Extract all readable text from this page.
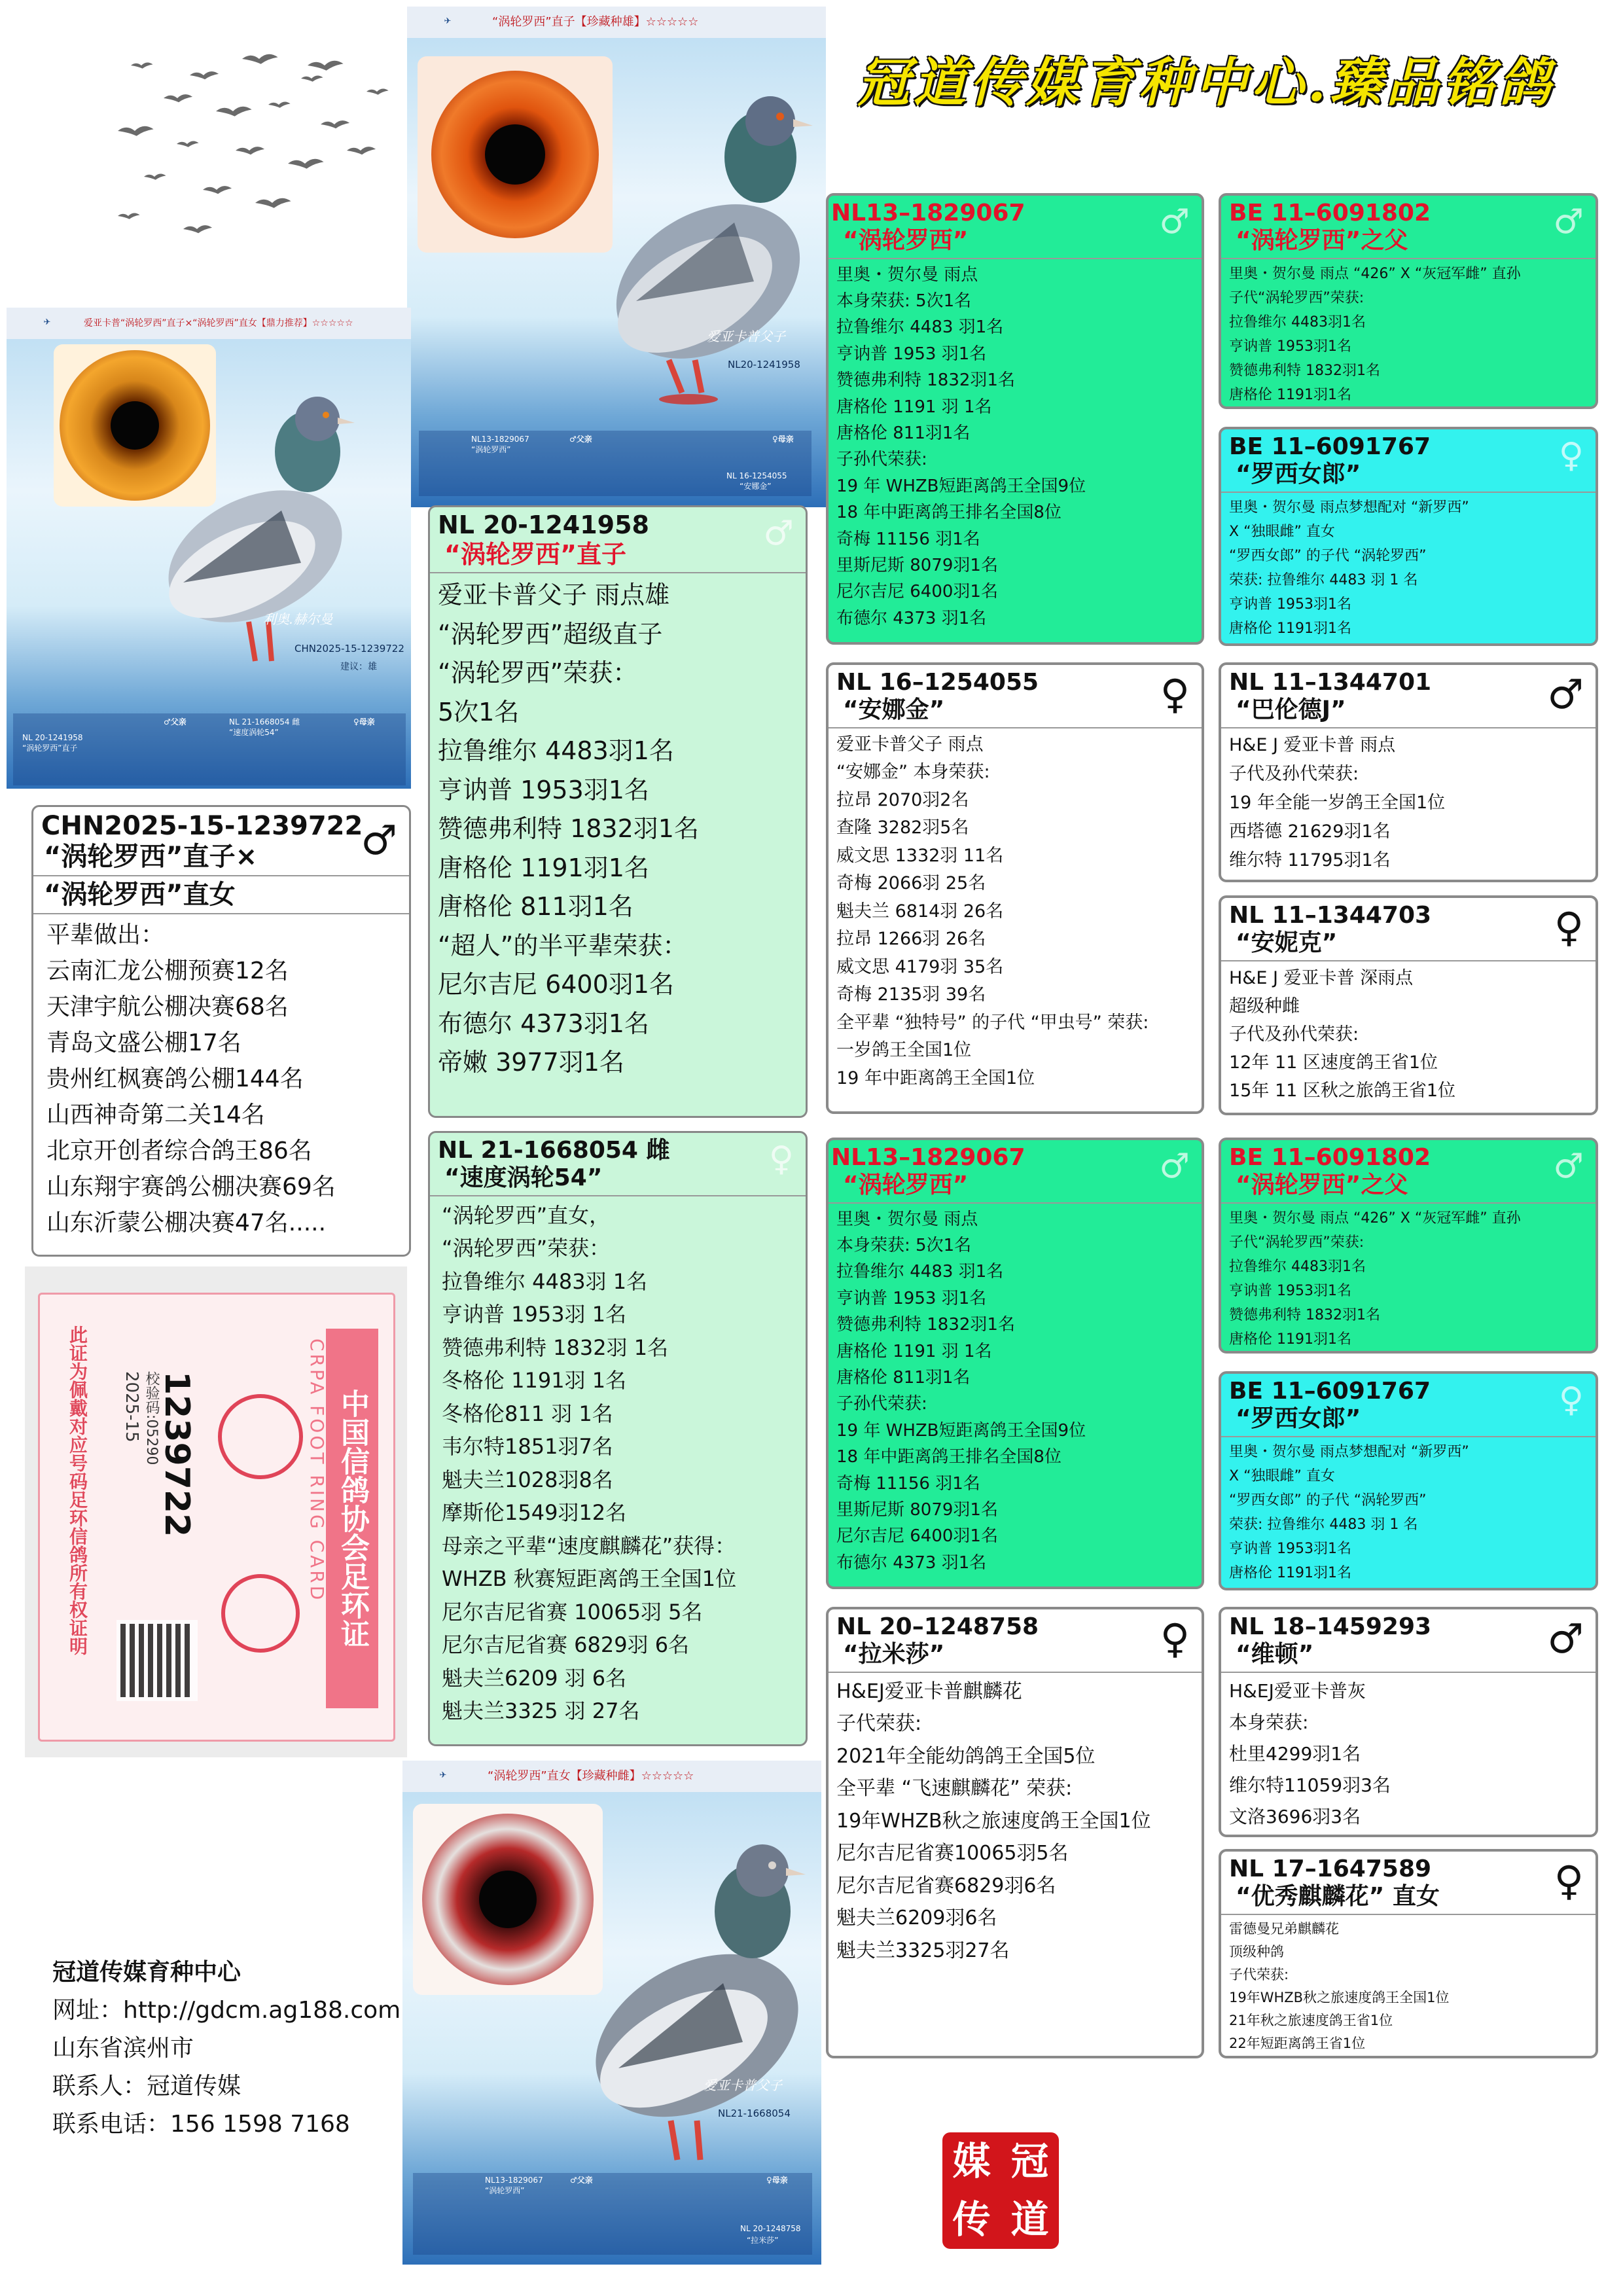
冠道传媒育种中心.臻品铭鸽
✈	“涡轮罗西”直子【珍藏种雄】☆☆☆☆☆
爱亚卡普父子
NL20-1241958
NL13-1829067
“涡轮罗西”
♂父亲
NL 16-1254055
“安娜金”
♀母亲
✈	爱亚卡普“涡轮罗西”直子×“涡轮罗西”直女【鼎力推荐】☆☆☆☆☆
利奥.赫尔曼
CHN2025-15-1239722
建议：雄
NL 20-1241958
“涡轮罗西”直子
♂父亲	NL 21-1668054 雌
“速度涡轮54”
♀母亲
CHN2025-15-1239722
♂
“涡轮罗西”直子×
“涡轮罗西”直女
平辈做出：
云南汇龙公棚预赛12名
天津宇航公棚决赛68名
青岛文盛公棚17名
贵州红枫赛鸽公棚144名
山西神奇第二关14名
北京开创者综合鸽王86名
山东翔宇赛鸽公棚决赛69名
山东沂蒙公棚决赛47名.....
此证为佩戴对应号码足环信鸽所有权证明 2025-15 校验码:05290
1239722	中国信鸽协会足环证
CRPA FOOT RING CARD
NL 20-1241958	♂
“涡轮罗西”直子
爱亚卡普父子 雨点雄
“涡轮罗西”超级直子
“涡轮罗西”荣获：
5次1名
拉鲁维尔 4483羽1名
亨讷普 1953羽1名
赞德弗利特 1832羽1名
唐格伦 1191羽1名
唐格伦 811羽1名
“超人”的半平辈荣获：
尼尔吉尼 6400羽1名
布德尔 4373羽1名
帝嫩 3977羽1名
NL 21-1668054 雌	♀
“速度涡轮54”
“涡轮罗西”直女，
“涡轮罗西”荣获：
拉鲁维尔 4483羽 1名
亨讷普 1953羽 1名
赞德弗利特 1832羽 1名
冬格伦 1191羽 1名
冬格伦811 羽 1名
韦尔特1851羽7名
魁夫兰1028羽8名
摩斯伦1549羽12名
母亲之平辈“速度麒麟花”获得：
WHZB 秋赛短距离鸽王全国1位
尼尔吉尼省赛 10065羽 5名
尼尔吉尼省赛 6829羽 6名
魁夫兰6209 羽 6名
魁夫兰3325 羽 27名
✈	“涡轮罗西”直女【珍藏种雌】☆☆☆☆☆
爱亚卡普父子
NL21-1668054
NL13-1829067
“涡轮罗西”
♂父亲
NL 20-1248758
“拉米莎”
♀母亲
NL13–1829067	♂
“涡轮罗西”
里奥・贺尔曼 雨点
本身荣获: 5次1名
拉鲁维尔 4483 羽1名
亨讷普 1953 羽1名
赞德弗利特 1832羽1名
唐格伦 1191 羽 1名
唐格伦 811羽1名
子孙代荣获:
19 年 WHZB短距离鸽王全国9位
18 年中距离鸽王排名全国8位
奇梅 11156 羽1名
里斯尼斯 8079羽1名
尼尔吉尼 6400羽1名
布德尔 4373 羽1名
BE 11–6091802	♂
“涡轮罗西”之父
里奥・贺尔曼 雨点 “426” X “灰冠军雌” 直孙
子代“涡轮罗西”荣获:
拉鲁维尔 4483羽1名
亨讷普 1953羽1名
赞德弗利特 1832羽1名
唐格伦 1191羽1名
BE 11–6091767	♀
“罗西女郎”
里奥・贺尔曼 雨点梦想配对 “新罗西”
X “独眼雌” 直女
“罗西女郎” 的子代 “涡轮罗西”
荣获: 拉鲁维尔 4483 羽 1 名
亨讷普 1953羽1名
唐格伦 1191羽1名
NL 16–1254055	♀
“安娜金”
爱亚卡普父子 雨点
“安娜金” 本身荣获:
拉昂 2070羽2名
查隆 3282羽5名
威文思 1332羽 11名
奇梅 2066羽 25名
魁夫兰 6814羽 26名
拉昂 1266羽 26名
威文思 4179羽 35名
奇梅 2135羽 39名
全平辈 “独特号” 的子代 “甲虫号” 荣获:
一岁鸽王全国1位
19 年中距离鸽王全国1位
NL 11–1344701	♂
“巴伦德J”
H&E J 爱亚卡普 雨点
子代及孙代荣获:
19 年全能一岁鸽王全国1位
西塔德 21629羽1名
维尔特 11795羽1名
NL 11–1344703	♀
“安妮克”
H&E J 爱亚卡普 深雨点
超级种雌
子代及孙代荣获:
12年 11 区速度鸽王省1位
15年 11 区秋之旅鸽王省1位
NL13–1829067	♂
“涡轮罗西”
里奥・贺尔曼 雨点
本身荣获: 5次1名
拉鲁维尔 4483 羽1名
亨讷普 1953 羽1名
赞德弗利特 1832羽1名
唐格伦 1191 羽 1名
唐格伦 811羽1名
子孙代荣获:
19 年 WHZB短距离鸽王全国9位
18 年中距离鸽王排名全国8位
奇梅 11156 羽1名
里斯尼斯 8079羽1名
尼尔吉尼 6400羽1名
布德尔 4373 羽1名
BE 11–6091802	♂
“涡轮罗西”之父
里奥・贺尔曼 雨点 “426” X “灰冠军雌” 直孙
子代“涡轮罗西”荣获:
拉鲁维尔 4483羽1名
亨讷普 1953羽1名
赞德弗利特 1832羽1名
唐格伦 1191羽1名
BE 11–6091767	♀
“罗西女郎”
里奥・贺尔曼 雨点梦想配对 “新罗西”
X “独眼雌” 直女
“罗西女郎” 的子代 “涡轮罗西”
荣获: 拉鲁维尔 4483 羽 1 名
亨讷普 1953羽1名
唐格伦 1191羽1名
NL 20–1248758	♀
“拉米莎”
H&EJ爱亚卡普麒麟花
子代荣获:
2021年全能幼鸽鸽王全国5位
全平辈 “飞速麒麟花” 荣获:
19年WHZB秋之旅速度鸽王全国1位
尼尔吉尼省赛10065羽5名
尼尔吉尼省赛6829羽6名
魁夫兰6209羽6名
魁夫兰3325羽27名
NL 18–1459293	♂
“维顿”
H&EJ爱亚卡普灰
本身荣获:
杜里4299羽1名
维尔特11059羽3名
文洛3696羽3名
NL 17–1647589	♀
“优秀麒麟花” 直女
雷德曼兄弟麒麟花
顶级种鸽
子代荣获:
19年WHZB秋之旅速度鸽王全国1位
21年秋之旅速度鸽王省1位
22年短距离鸽王省1位
冠道传媒育种中心
网址：http://gdcm.ag188.com
山东省滨州市
联系人：冠道传媒
联系电话：156 1598 7168
媒 冠
传 道
